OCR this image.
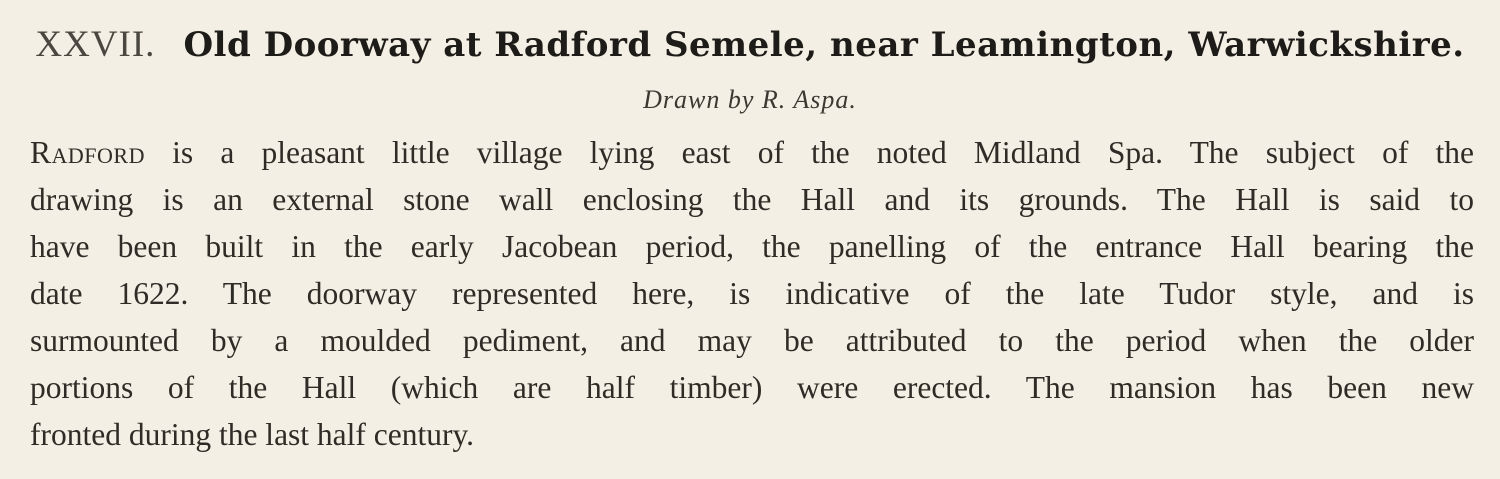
XXVII. Old Doorway at Radford Semele, near Leamington, Warwickshire.
Drawn by R. Aspa.
Radford is a pleasant little village lying east of the noted Midland Spa. The subject of the
drawing is an external stone wall enclosing the Hall and its grounds. The Hall is said to
have been built in the early Jacobean period, the panelling of the entrance Hall bearing the
date 1622. The doorway represented here, is indicative of the late Tudor style, and is
surmounted by a moulded pediment, and may be attributed to the period when the older
portions of the Hall (which are half timber) were erected. The mansion has been new
fronted during the last half century.
